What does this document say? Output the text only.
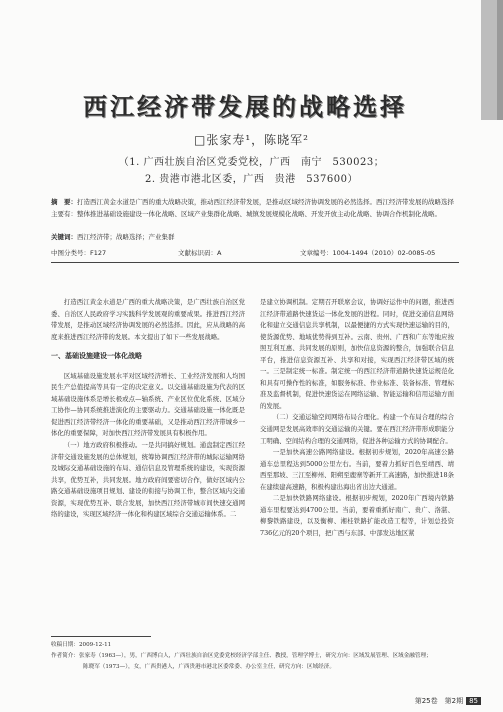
西江经济带发展的战略选择
□张家寿¹，陈晓军²
（1. 广西壮族自治区党委党校，广西　南宁　530023；
2. 贵港市港北区委，广西　贵港　537600）
摘　要：打造西江黄金水道是广西的重大战略决策，推动西江经济带发展，是推动区域经济协调发展的必然选择。西江经济带发展的战略选择主要有：整体推进基础设施建设一体化战略、区域产业集群化战略、城镇发展规模化战略、开发开放主动化战略、协调合作机制化战略。
关键词：西江经济带；战略选择；产业集群
中图分类号：F127	文献标识码：A	文章编号：1004-1494（2010）02-0085-05

打造西江黄金水道是广西的重大战略决策，是广西壮族自治区党委、自治区人民政府学习实践科学发展观的重要成果。推进西江经济带发展，是推动区域经济协调发展的必然选择。因此，应从战略的高度来推进西江经济带的发展。本文提出了如下一些发展战略。

一、基础设施建设一体化战略

区域基础设施发展水平对区域经济增长、工业经济发展和人均国民生产总值提高等具有一定的决定意义。以交通基础设施为代表的区域基础设施体系是增长极或点—轴系统、产业区位优化系统、区域分工协作—协同系统推进演化的主要驱动力。交通基础设施一体化既是促进西江经济带经济一体化的重要基础，又是推动西江经济带城乡一体化的重要保障，对加快西江经济带发展具有积极作用。

（一）地方政府积极推动。一是共同搞好规划。通盘制定西江经济带交通设施发展的总体规划，统筹协调西江经济带的城际运输网络及城际交通基础设施的布局、通信信息及管理系统的建设，实现资源共享，优势互补，共同发展。地方政府间要密切合作，做好区域内公路交通基础设施项目规划、建设的衔接与协调工作，整合区域内交通资源，实现优势互补、联合发展，加快西江经济带城市间快速交通网络的建设，实现区域经济一体化和构建区域综合交通运输体系。二

是建立协调机制。定期召开联席会议，协调好运作中的问题，推进西江经济带道路快速货运一体化发展的进程。同时，促进交通信息网络化和建立交通信息共享机制，以最便捷的方式实现快速运输的目的，使货源优势、地域优势得到互补。云南、贵州、广西和广东等地应按照互利互惠、共同发展的原则，加快信息资源的整合，加强联合信息平台，推进信息资源互补、共享和对接，实现西江经济带区域的统一。三是制定统一标准。制定统一的西江经济带道路快速货运规范化和具有可操作性的标准，如服务标准、作业标准、装备标准、管理标准及监督机制，促进快速货运在网络运输、智能运输和信用运输方面的发展。

（二）交通运输空间网络布局合理化。构建一个布局合理的综合交通网是发展高效率的交通运输的关键。要在西江经济带形成职能分工明确、空间结构合理的交通网络，促进各种运输方式的协调配合。

一是加快高速公路网络建设。根据初步规划，2020年高速公路通车总里程达到5000公里左右。当前，要着力抓好百色至靖西、靖西至那坡、三江至柳州、阳朔至鹿寨等新开工高速路，加快推进18条在建续建高速路，积极构建出海出省出边大通道。

二是加快铁路网络建设。根据初步规划，2020年广西境内铁路通车里程要达到4700公里。当前，要着重抓好南广、贵广、洛湛、柳黎铁路建设，以及衡柳、湘桂铁路扩能改造工程等，计划总投资736亿元的20个项目，把广西与东部、中部发达地区紧

收稿日期：2009-12-11
作者简介：张家寿（1963—），男，广西博白人，广西壮族自治区党委党校经济学部主任、教授，管理学博士，研究方向：区域发展管理、区域金融管理；
陈晓军（1973—），女，广西贵港人，广西贵港市港北区委常委、办公室主任，研究方向：区域经济。
第25卷　第2期 85
